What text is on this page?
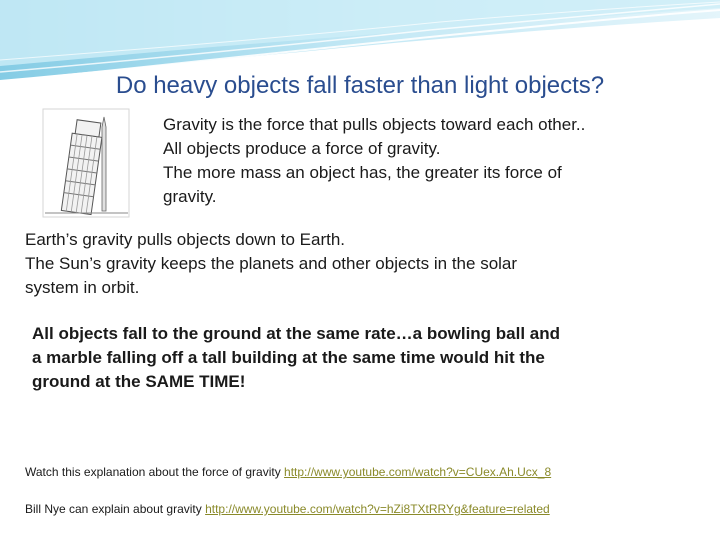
Do heavy objects fall faster than light objects?
Gravity is the force that pulls objects toward each other..
All objects produce a force of gravity.
The more mass an object has, the greater its force of
gravity.
Earth’s gravity pulls objects down to Earth.
The Sun’s gravity keeps the planets and other objects in the solar
system in orbit.
All objects fall to the ground at the same rate…a bowling ball and
a marble falling off a tall building at the same time would hit the
ground at the SAME TIME!
Watch this explanation about the force of gravity http://www.youtube.com/watch?v=CUex.Ah.Ucx_8
Bill Nye can explain about gravity http://www.youtube.com/watch?v=hZi8TXtRRYg&feature=related
